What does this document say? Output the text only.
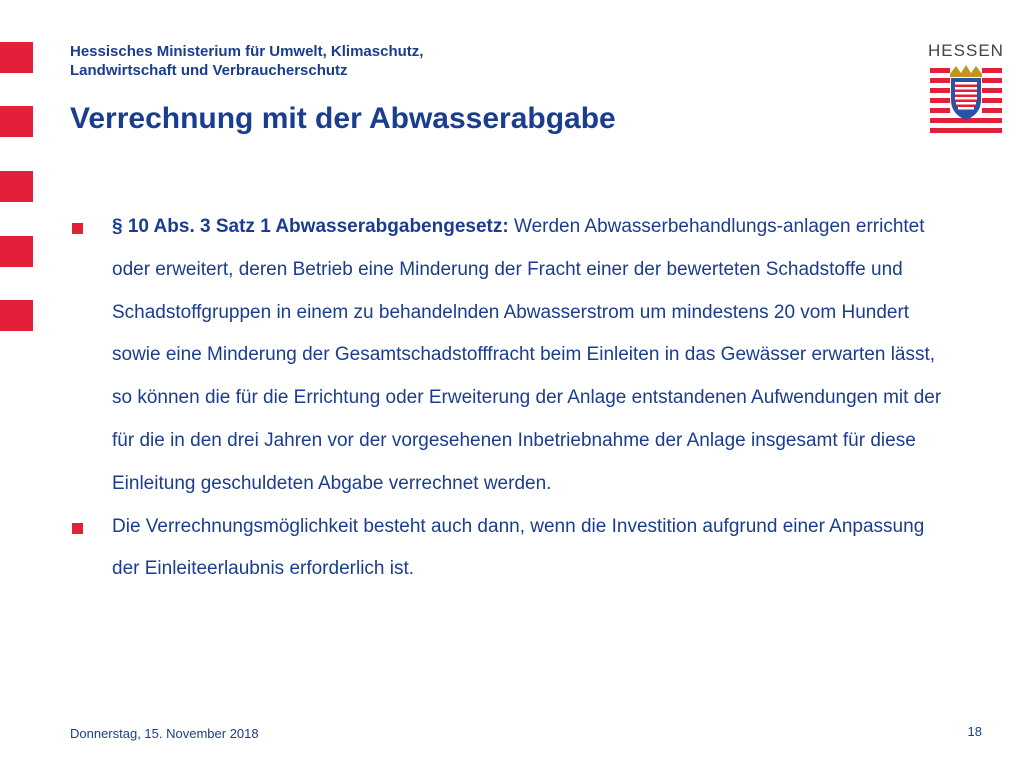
Hessisches Ministerium für Umwelt, Klimaschutz,
Landwirtschaft und Verbraucherschutz
Verrechnung mit der Abwasserabgabe
HESSEN
§ 10 Abs. 3 Satz 1 Abwasserabgabengesetz: Werden Abwasserbehandlungs-anlagen errichtet oder erweitert, deren Betrieb eine Minderung der Fracht einer der bewerteten Schadstoffe und Schadstoffgruppen in einem zu behandelnden Abwasserstrom um mindestens 20 vom Hundert sowie eine Minderung der Gesamtschadstofffracht beim Einleiten in das Gewässer erwarten lässt, so können die für die Errichtung oder Erweiterung der Anlage entstandenen Aufwendungen mit der für die in den drei Jahren vor der vorgesehenen Inbetriebnahme der Anlage insgesamt für diese Einleitung geschuldeten Abgabe verrechnet werden.
Die Verrechnungsmöglichkeit besteht auch dann, wenn die Investition aufgrund einer Anpassung der Einleiteerlaubnis erforderlich ist.
Donnerstag, 15. November 2018	18
